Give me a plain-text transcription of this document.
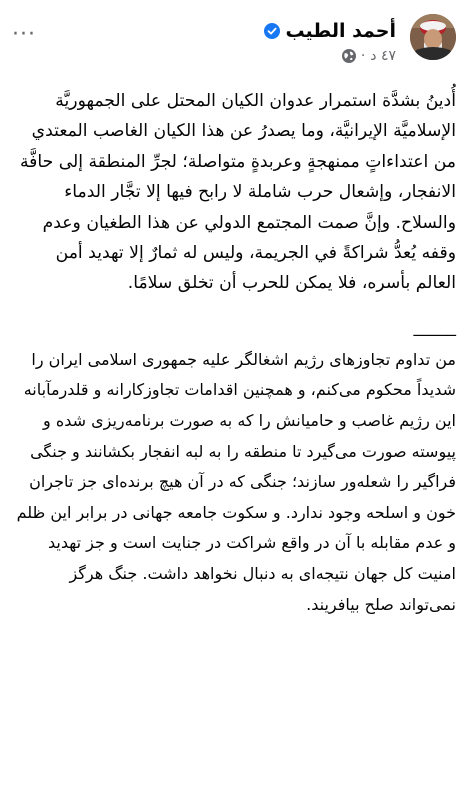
···	أحمد الطيب
٤٧ د
·

أُدينُ بشدَّة استمرار عدوان الكيان المحتل على الجمهوريَّة الإسلاميَّة الإيرانيَّة، وما يصدرُ عن هذا الكيان الغاصب المعتدي من اعتداءاتٍ ممنهجةٍ وعربدةٍ متواصلة؛ لجرِّ المنطقة إلى حافَّة الانفجار، وإشعال حرب شاملة لا رابح فيها إلا تجَّار الدماء والسلاح. وإنَّ صمت المجتمع الدولي عن هذا الطغيان وعدم وقفه يُعدُّ شراكةً في الجريمة، وليس له ثمارٌ إلا تهديد أمن العالم بأسره، فلا يمكن للحرب أن تخلق سلامًا.

_____

من تداوم تجاوزهای رژیم اشغالگر علیه جمهوری اسلامی ایران را شدیداً محکوم می‌کنم، و همچنین اقدامات تجاوزکارانه و قلدرمآبانه این رژیم غاصب و حامیانش را که به صورت برنامه‌ریزی شده و پیوسته صورت می‌گیرد تا منطقه را به لبه انفجار بکشانند و جنگی فراگیر را شعله‌ور سازند؛ جنگی که در آن هیچ برنده‌ای جز تاجران خون و اسلحه وجود ندارد. و سکوت جامعه جهانی در برابر این ظلم و عدم مقابله با آن در واقع شراکت در جنایت است و جز تهدید امنیت کل جهان نتیجه‌ای به دنبال نخواهد داشت. جنگ هرگز نمی‌تواند صلح بیافریند.
